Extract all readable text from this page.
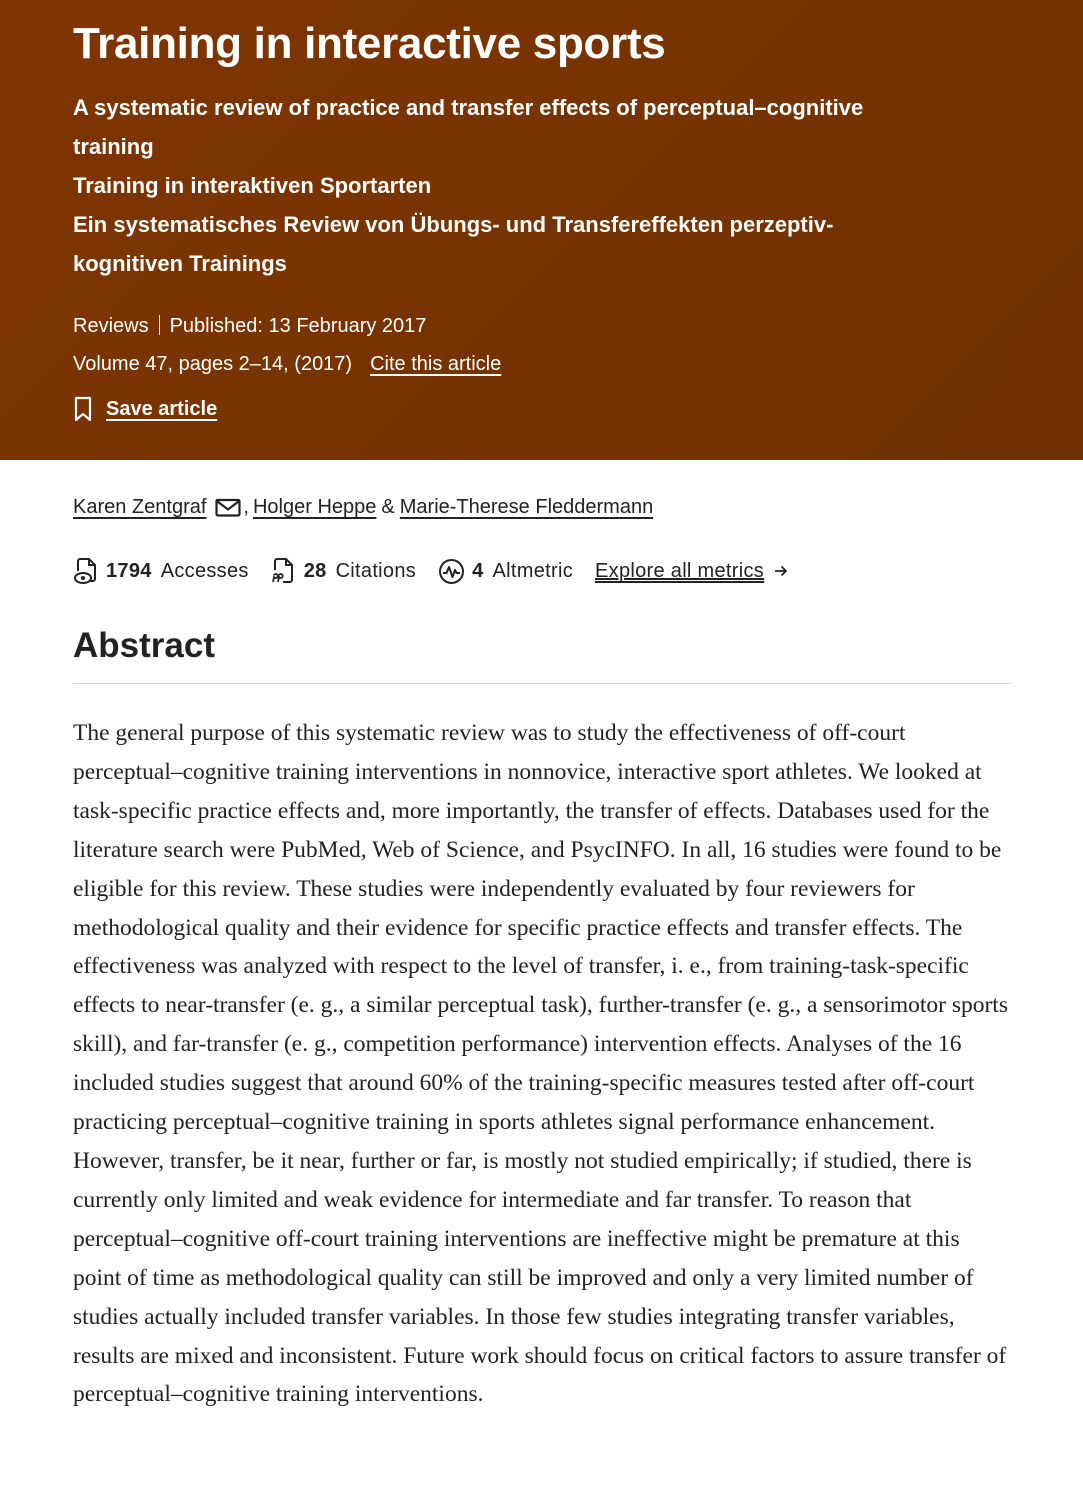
Training in interactive sports
A systematic review of practice and transfer effects of perceptual–cognitive training
Training in interaktiven Sportarten
Ein systematisches Review von Übungs- und Transfereffekten perzeptiv-kognitiven Trainings
Reviews Published: 13 February 2017
Volume 47, pages 2–14, (2017) Cite this article
Save article
Karen Zentgraf , Holger Heppe & Marie-Therese Fleddermann
1794 Accesses	28 Citations	4 Altmetric Explore all metrics
Abstract

The general purpose of this systematic review was to study the effectiveness of off-court perceptual–cognitive training interventions in nonnovice, interactive sport athletes. We looked at task-specific practice effects and, more importantly, the transfer of effects. Databases used for the literature search were PubMed, Web of Science, and PsycINFO. In all, 16 studies were found to be eligible for this review. These studies were independently evaluated by four reviewers for methodological quality and their evidence for specific practice effects and transfer effects. The effectiveness was analyzed with respect to the level of transfer, i. e., from training-task-specific effects to near-transfer (e. g., a similar perceptual task), further-transfer (e. g., a sensorimotor sports skill), and far-transfer (e. g., competition performance) intervention effects. Analyses of the 16 included studies suggest that around 60% of the training-specific measures tested after off-court practicing perceptual–cognitive training in sports athletes signal performance enhancement. However, transfer, be it near, further or far, is mostly not studied empirically; if studied, there is currently only limited and weak evidence for intermediate and far transfer. To reason that perceptual–cognitive off-court training interventions are ineffective might be premature at this point of time as methodological quality can still be improved and only a very limited number of studies actually included transfer variables. In those few studies integrating transfer variables, results are mixed and inconsistent. Future work should focus on critical factors to assure transfer of perceptual–cognitive training interventions.
